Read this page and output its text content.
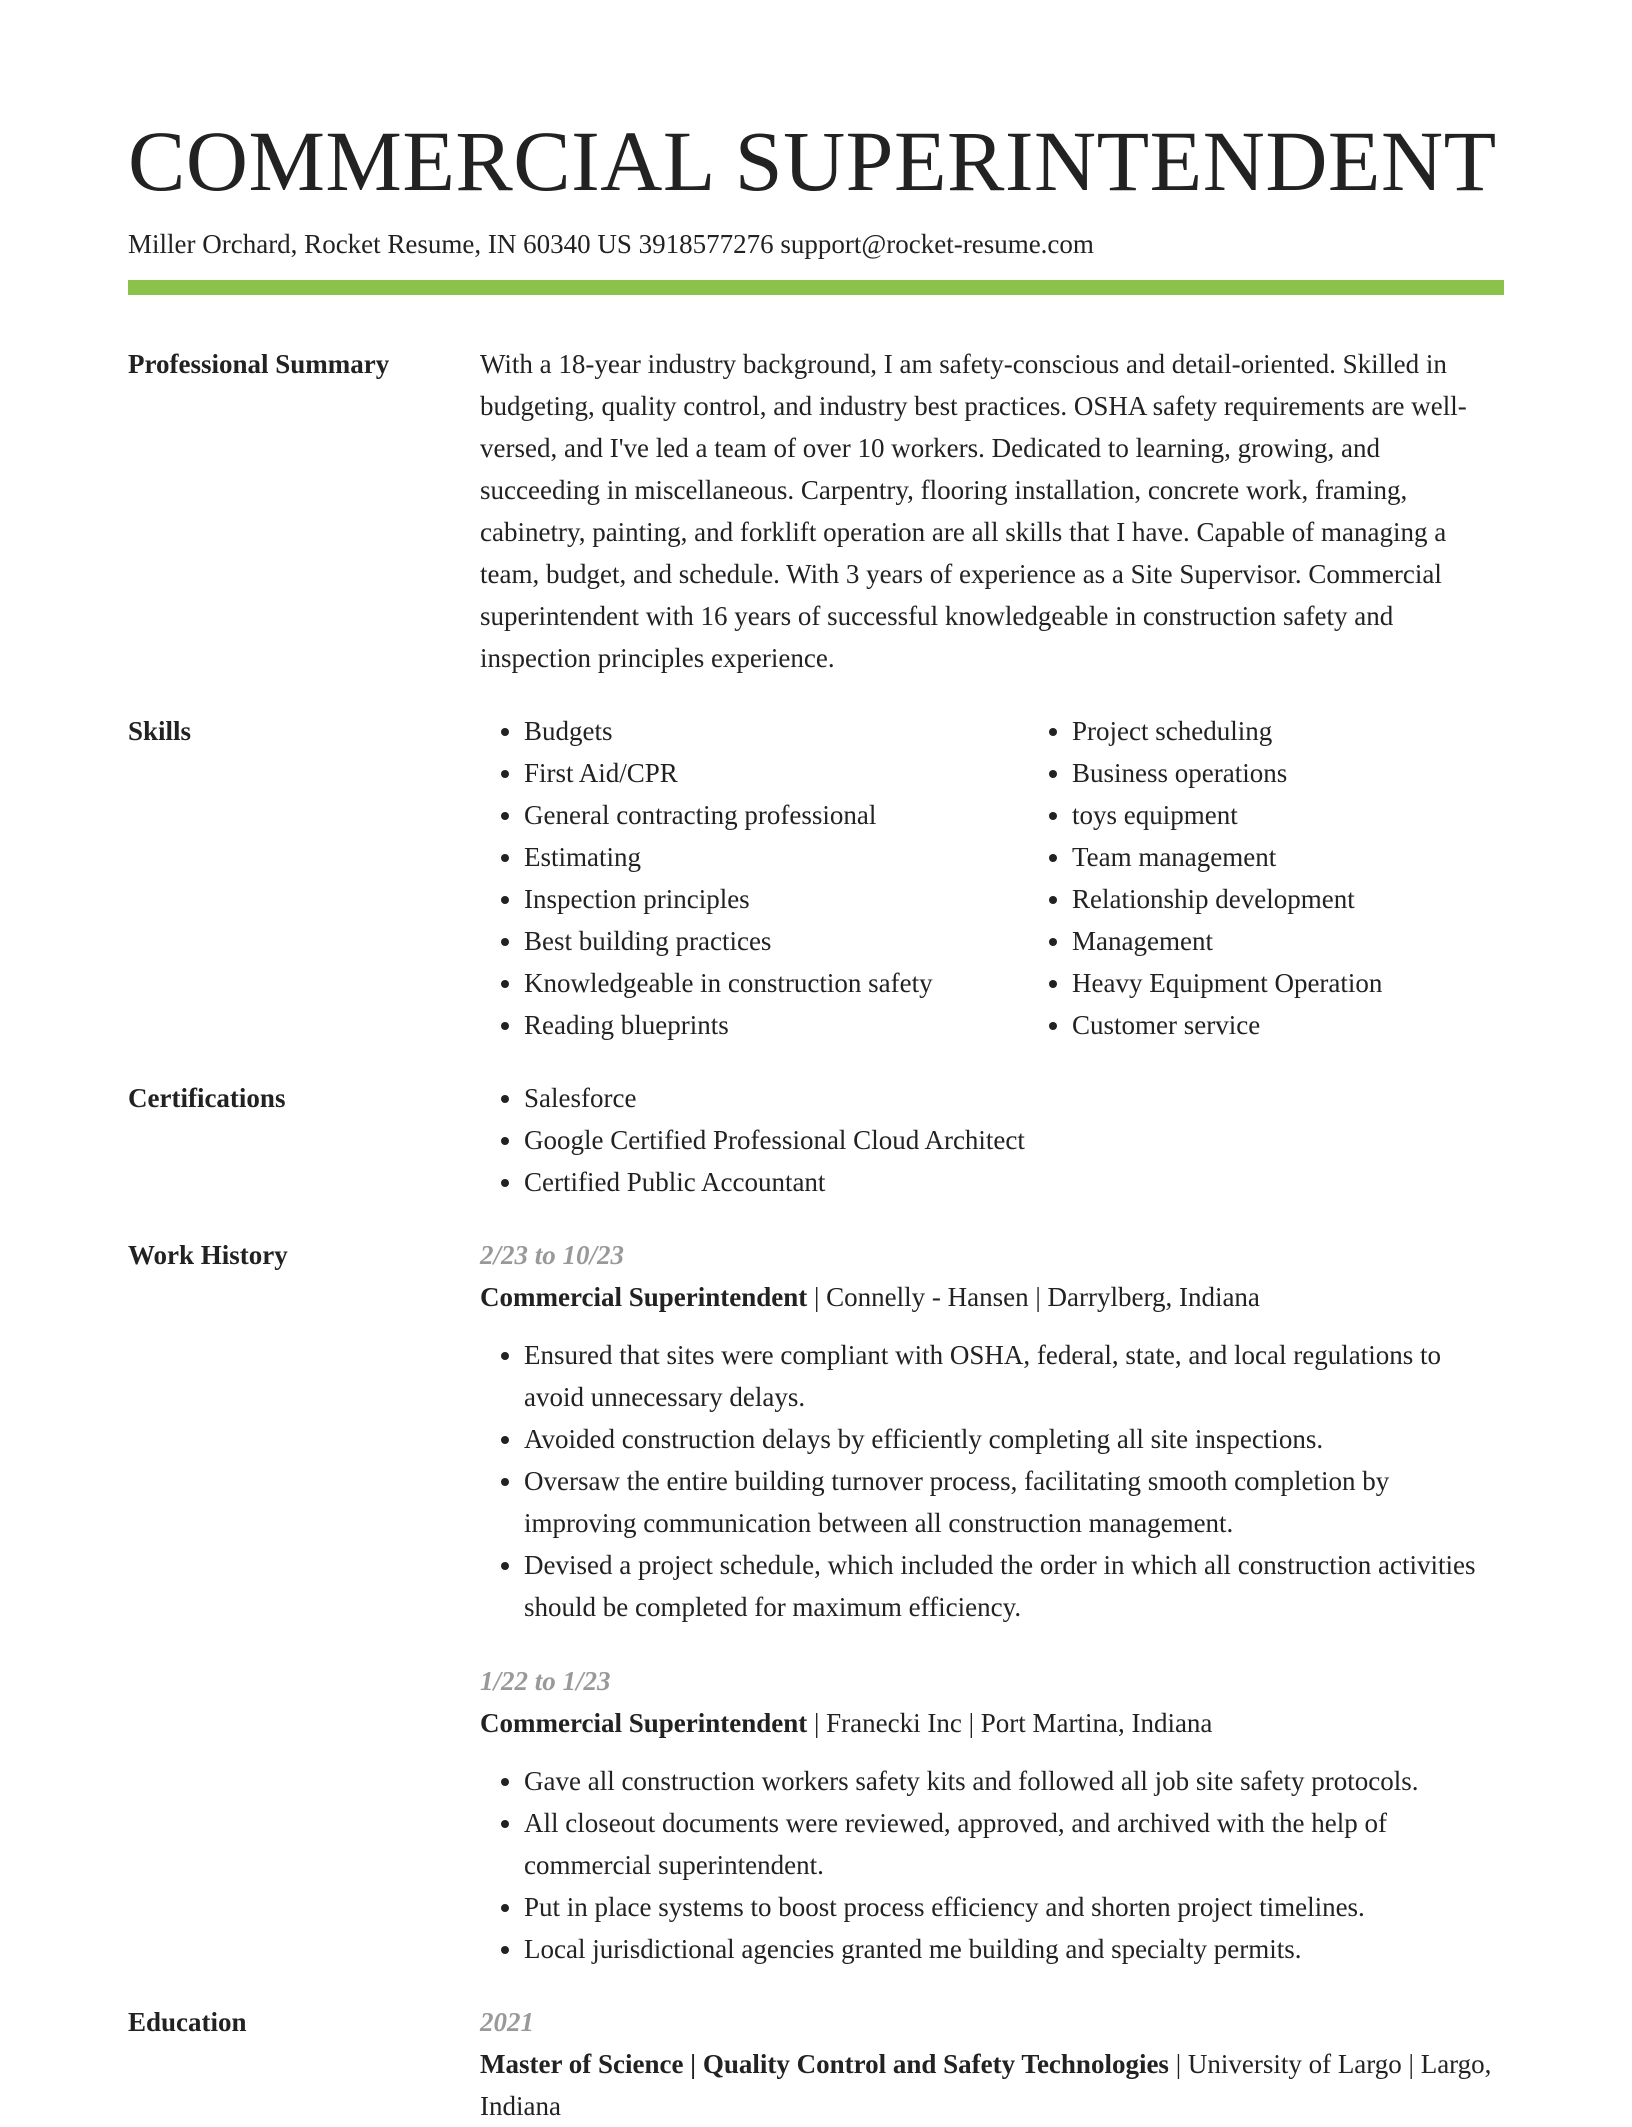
COMMERCIAL SUPERINTENDENT
Miller Orchard, Rocket Resume, IN 60340 US 3918577276 support@rocket-resume.com
Professional Summary	With a 18-year industry background, I am safety-conscious and detail-oriented. Skilled in budgeting, quality control, and industry best practices. OSHA safety requirements are well-versed, and I've led a team of over 10 workers. Dedicated to learning, growing, and succeeding in miscellaneous. Carpentry, flooring installation, concrete work, framing, cabinetry, painting, and forklift operation are all skills that I have. Capable of managing a team, budget, and schedule. With 3 years of experience as a Site Supervisor. Commercial superintendent with 16 years of successful knowledgeable in construction safety and inspection principles experience.

Skills	• Budgets
• First Aid/CPR
• General contracting professional
• Estimating
• Inspection principles
• Best building practices
• Knowledgeable in construction safety
• Reading blueprints
• Project scheduling
• Business operations
• toys equipment
• Team management
• Relationship development
• Management
• Heavy Equipment Operation
• Customer service
Certifications	• Salesforce
• Google Certified Professional Cloud Architect
• Certified Public Accountant
Work History	2/23 to 10/23
Commercial Superintendent | Connelly - Hansen | Darrylberg, Indiana
• Ensured that sites were compliant with OSHA, federal, state, and local regulations to avoid unnecessary delays.
• Avoided construction delays by efficiently completing all site inspections.
• Oversaw the entire building turnover process, facilitating smooth completion by improving communication between all construction management.
• Devised a project schedule, which included the order in which all construction activities should be completed for maximum efficiency.
1/22 to 1/23
Commercial Superintendent | Franecki Inc | Port Martina, Indiana
• Gave all construction workers safety kits and followed all job site safety protocols.
• All closeout documents were reviewed, approved, and archived with the help of commercial superintendent.
• Put in place systems to boost process efficiency and shorten project timelines.
• Local jurisdictional agencies granted me building and specialty permits.
Education	2021
Master of Science | Quality Control and Safety Technologies | University of Largo | Largo, Indiana
